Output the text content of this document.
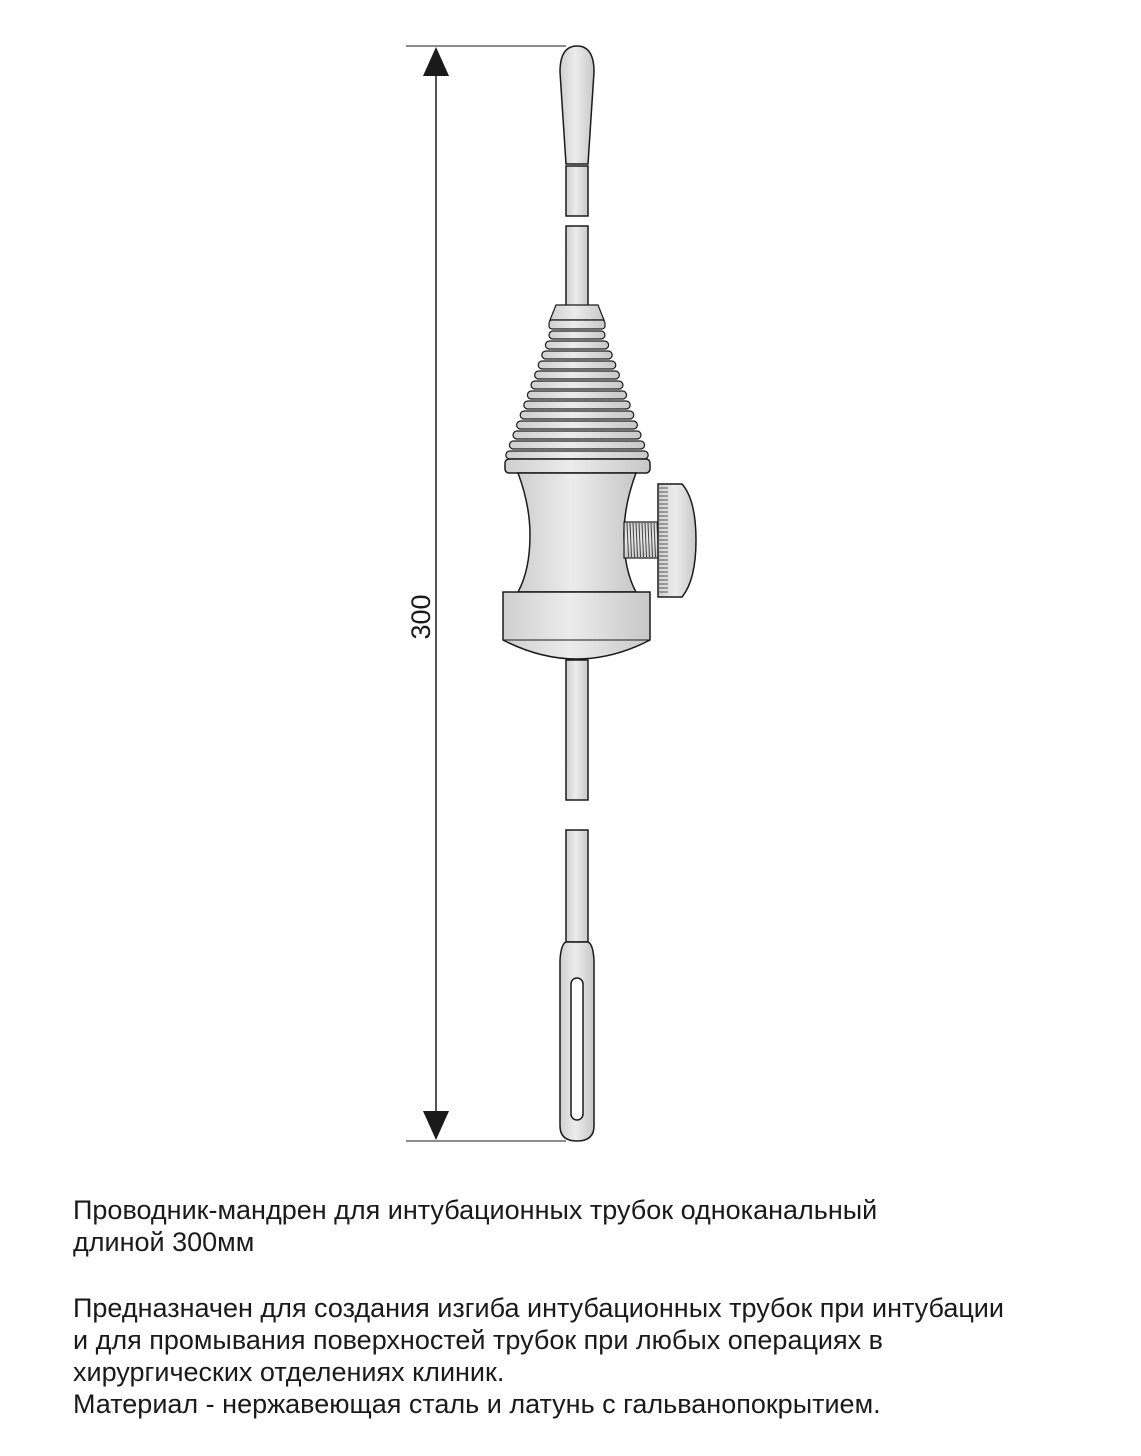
300
Проводник-мандрен для интубационных трубок одноканальный
длиной 300мм
Предназначен для создания изгиба интубационных трубок при интубации
и для промывания поверхностей трубок при любых операциях в
хирургических отделениях клиник.
Материал - нержавеющая сталь и латунь с гальванопокрытием.
